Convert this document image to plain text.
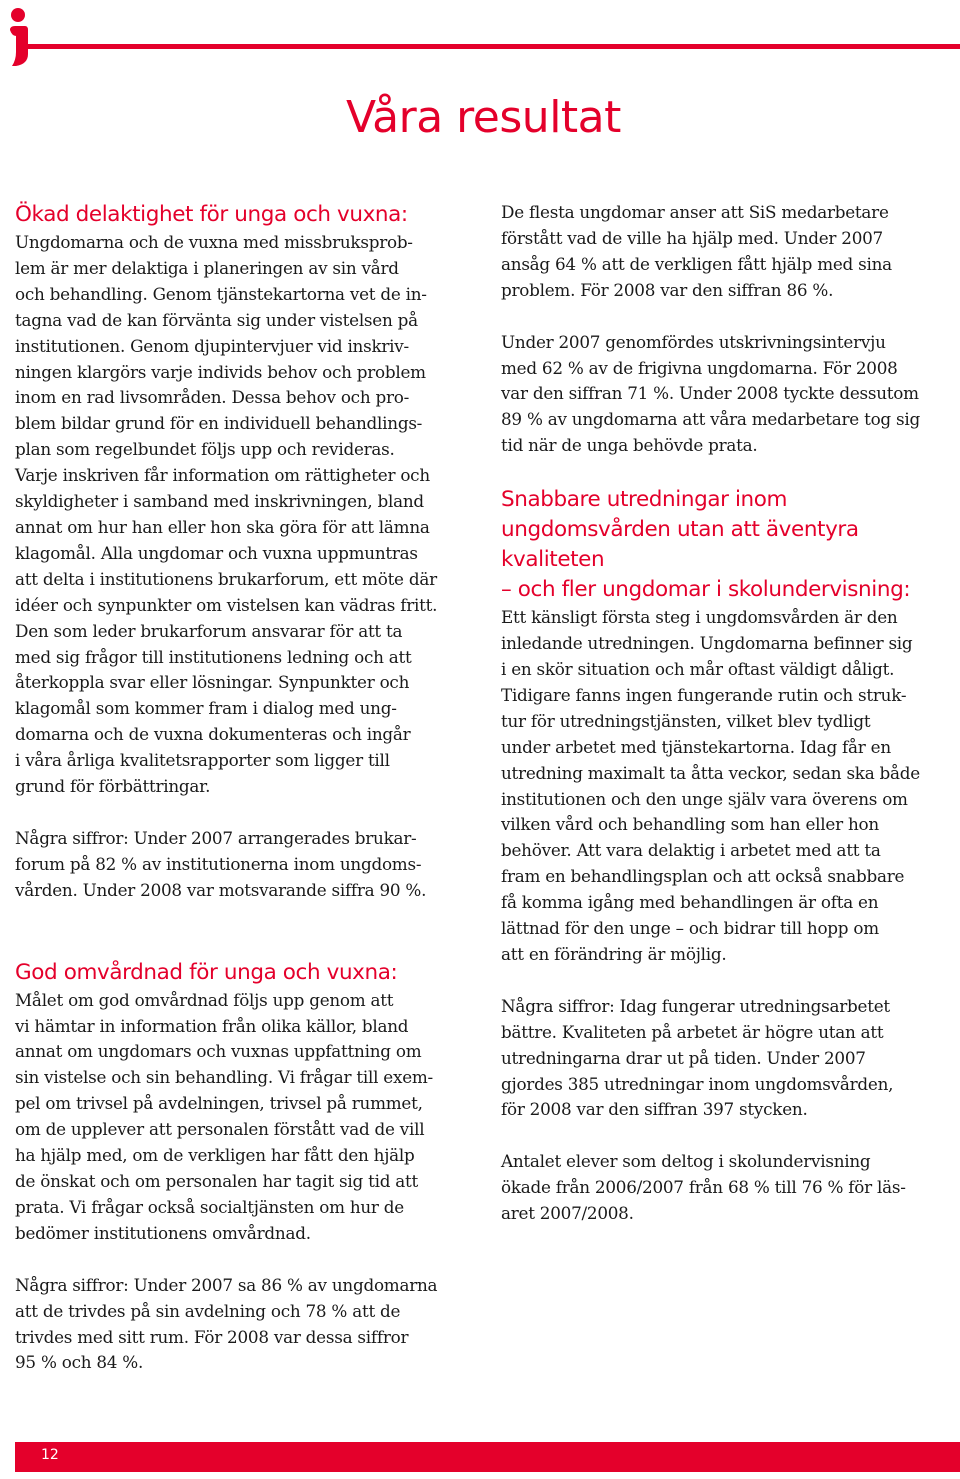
Våra resultat
Ökad delaktighet för unga och vuxna:

Ungdomarna och de vuxna med missbruksprob-
lem är mer delaktiga i planeringen av sin vård
och behandling. Genom tjänstekartorna vet de in-
tagna vad de kan förvänta sig under vistelsen på
institutionen. Genom djupintervjuer vid inskriv-
ningen klargörs varje individs behov och problem
inom en rad livsområden. Dessa behov och pro-
blem bildar grund för en individuell behandlings-
plan som regelbundet följs upp och revideras.
Varje inskriven får information om rättigheter och
skyldigheter i samband med inskrivningen, bland
annat om hur han eller hon ska göra för att lämna
klagomål. Alla ungdomar och vuxna uppmuntras
att delta i institutionens brukarforum, ett möte där
idéer och synpunkter om vistelsen kan vädras fritt.
Den som leder brukarforum ansvarar för att ta
med sig frågor till institutionens ledning och att
återkoppla svar eller lösningar. Synpunkter och
klagomål som kommer fram i dialog med ung-
domarna och de vuxna dokumenteras och ingår
i våra årliga kvalitetsrapporter som ligger till
grund för förbättringar.

Några siffror: Under 2007 arrangerades brukar-
forum på 82 % av institutionerna inom ungdoms-
vården. Under 2008 var motsvarande siffra 90 %.

God omvårdnad för unga och vuxna:

Målet om god omvårdnad följs upp genom att
vi hämtar in information från olika källor, bland
annat om ungdomars och vuxnas uppfattning om
sin vistelse och sin behandling. Vi frågar till exem-
pel om trivsel på avdelningen, trivsel på rummet,
om de upplever att personalen förstått vad de vill
ha hjälp med, om de verkligen har fått den hjälp
de önskat och om personalen har tagit sig tid att
prata. Vi frågar också socialtjänsten om hur de
bedömer institutionens omvårdnad.

Några siffror: Under 2007 sa 86 % av ungdomarna
att de trivdes på sin avdelning och 78 % att de
trivdes med sitt rum. För 2008 var dessa siffror
95 % och 84 %.

De flesta ungdomar anser att SiS medarbetare
förstått vad de ville ha hjälp med. Under 2007
ansåg 64 % att de verkligen fått hjälp med sina
problem. För 2008 var den siffran 86 %.

Under 2007 genomfördes utskrivningsintervju
med 62 % av de frigivna ungdomarna. För 2008
var den siffran 71 %. Under 2008 tyckte dessutom
89 % av ungdomarna att våra medarbetare tog sig
tid när de unga behövde prata.

Snabbare utredningar inom
ungdomsvården utan att äventyra kvaliteten
– och fler ungdomar i skolundervisning:

Ett känsligt första steg i ungdomsvården är den
inledande utredningen. Ungdomarna befinner sig
i en skör situation och mår oftast väldigt dåligt.
Tidigare fanns ingen fungerande rutin och struk-
tur för utredningstjänsten, vilket blev tydligt
under arbetet med tjänstekartorna. Idag får en
utredning maximalt ta åtta veckor, sedan ska både
institutionen och den unge själv vara överens om
vilken vård och behandling som han eller hon
behöver. Att vara delaktig i arbetet med att ta
fram en behandlingsplan och att också snabbare
få komma igång med behandlingen är ofta en
lättnad för den unge – och bidrar till hopp om
att en förändring är möjlig.

Några siffror: Idag fungerar utredningsarbetet
bättre. Kvaliteten på arbetet är högre utan att
utredningarna drar ut på tiden. Under 2007
gjordes 385 utredningar inom ungdomsvården,
för 2008 var den siffran 397 stycken.

Antalet elever som deltog i skolundervisning
ökade från 2006/2007 från 68 % till 76 % för läs-
aret 2007/2008.

12
